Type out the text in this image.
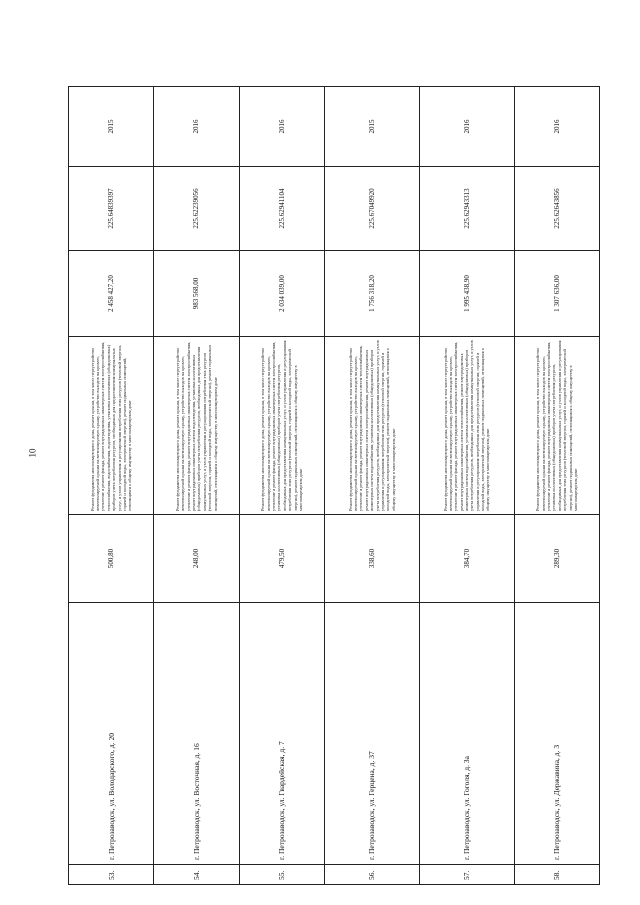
10
53.	г. Петрозаводск, ул. Володарского, д. 20	500,80	Ремонт фундамента многоквартирного дома, ремонт крыши, в том числе переустройство невентилируемой крыши на вентилируемую крышу, устройство выходов на кровлю, утепление и ремонт фасада, ремонт внутридомовых инженерных систем электроснабжения, теплоснабжения, водоснабжения, водоотведения, установка коллективных (общедомовых) приборов учета потребления ресурсов, необходимых для предоставления коммунальных услуг, и узлов управления и регулирования потребления этих ресурсов (тепловой энергии, горячей и холодной воды, электрической энергии), ремонт подвальных помещений, относящихся к общему имуществу в многоквартирном доме	2 458 427,20	225.64839397	2015
54.	г. Петрозаводск, ул. Восточная, д. 16	248,00	Ремонт фундамента многоквартирного дома, ремонт крыши, в том числе переустройство невентилируемой крыши на вентилируемую крышу, устройство выходов на кровлю, утепление и ремонт фасада, ремонт внутридомовых инженерных систем электроснабжения, ремонт внутридомовых инженерных систем водоотведения, установка коллективных (общедомовых) приборов учета потребления ресурсов, необходимых для предоставления коммунальных услуг, и узлов управления и регулирования потребления этих ресурсов (тепловой энергии, горячей и холодной воды, электрической энергии), ремонт подвальных помещений, относящихся к общему имуществу в многоквартирном доме	983 568,00	225.62239056	2016
55.	г. Петрозаводск, ул. Гвардейская, д. 7	479,50	Ремонт фундамента многоквартирного дома, ремонт крыши, в том числе переустройство невентилируемой крыши на вентилируемую крышу, устройство выходов на кровлю, утепление и ремонт фасада, ремонт внутридомовых инженерных систем электроснабжения, установка коллективных (общедомовых) приборов учета потребления ресурсов, необходимых для предоставления коммунальных услуг, и узлов управления и регулирования потребления этих ресурсов (тепловой энергии, горячей и холодной воды, электрической энергии), ремонт подвальных помещений, относящихся к общему имуществу в многоквартирном доме	2 034 039,00	225.62941104	2016
56.	г. Петрозаводск, ул. Герцена, д. 37	338,60	Ремонт фундамента многоквартирного дома, ремонт крыши, в том числе переустройство невентилируемой крыши на вентилируемую крышу, устройство выходов на кровлю, утепление и ремонт фасада, ремонт внутридомовых инженерных систем теплоснабжения, ремонт внутридомовых инженерных систем электроснабжения, ремонт внутридомовых инженерных систем водоснабжения, установка коллективных (общедомовых) приборов учета потребления ресурсов, необходимых для предоставления коммунальных услуг, и узлов управления и регулирования потребления этих ресурсов (тепловой энергии, горячей и холодной воды, электрической энергии), ремонт подвальных помещений, относящихся к общему имуществу в многоквартирном доме	1 756 318,20	225.67049920	2015
57.	г. Петрозаводск, ул. Гоголя, д. 3а	384,70	Ремонт фундамента многоквартирного дома, ремонт крыши, в том числе переустройство невентилируемой крыши на вентилируемую крышу, устройство выходов на кровлю, утепление и ремонт фасада, ремонт внутридомовых инженерных систем электроснабжения, ремонт внутридомовых инженерных систем теплоснабжения, ремонт внутридомовых инженерных систем водоснабжения, установка коллективных (общедомовых) приборов учета потребления ресурсов, необходимых для предоставления коммунальных услуг, и узлов управления и регулирования потребления этих ресурсов (тепловой энергии, горячей и холодной воды, электрической энергии), ремонт подвальных помещений, относящихся к общему имуществу в многоквартирном доме	1 995 438,90	225.62943313	2016
58.	г. Петрозаводск, ул. Державина, д. 3	289,30	Ремонт фундамента многоквартирного дома, ремонт крыши, в том числе переустройство невентилируемой крыши на вентилируемую крышу, устройство выходов на кровлю, утепление и ремонт фасада, ремонт внутридомовых инженерных систем электроснабжения, установка коллективных (общедомовых) приборов учета потребления ресурсов, необходимых для предоставления коммунальных услуг, и узлов управления и регулирования потребления этих ресурсов (тепловой энергии, горячей и холодной воды, электрической энергии), ремонт подвальных помещений, относящихся к общему имуществу в многоквартирном доме	1 307 636,00	225.62643856	2016
